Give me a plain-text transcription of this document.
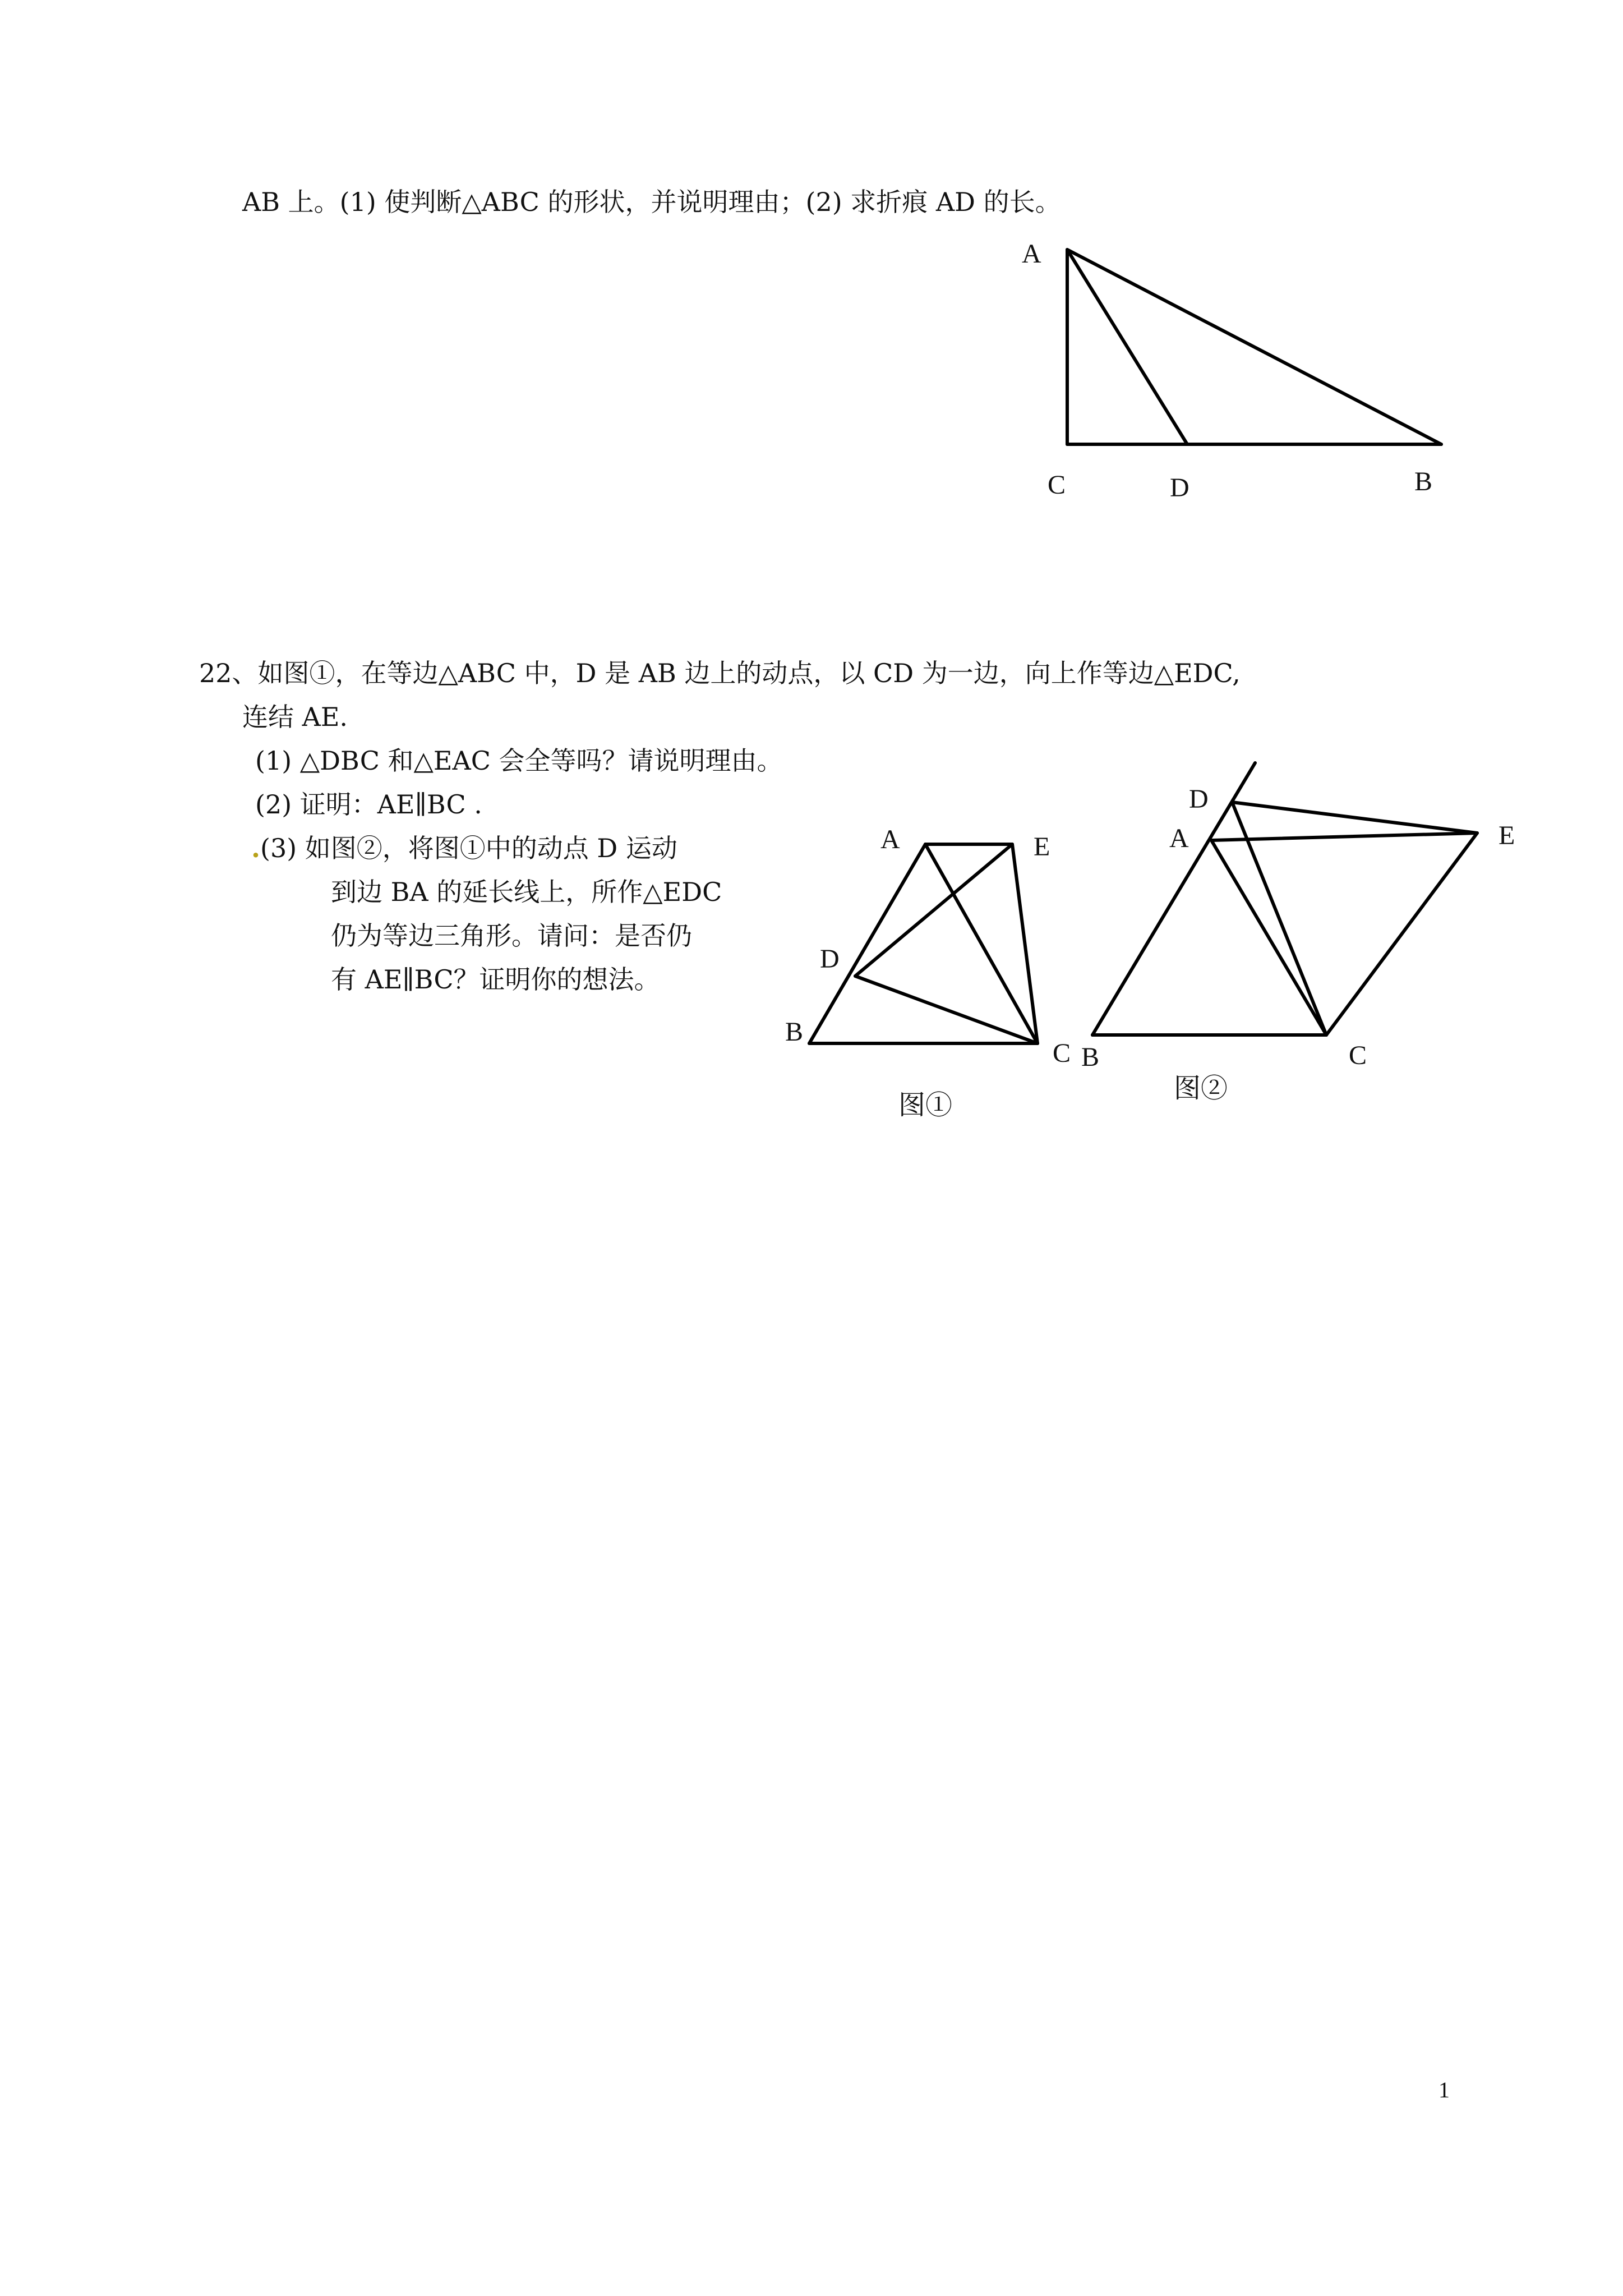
AB 上。(1) 使判断△ABC 的形状，并说明理由；(2) 求折痕 AD 的长。
A
C	D	B
22、如图①，在等边△ABC 中，D 是 AB 边上的动点，以 CD 为一边，向上作等边△EDC,
连结 AE.
(1) △DBC 和△EAC 会全等吗？请说明理由。
(2) 证明：AE∥BC .
.(3) 如图②，将图①中的动点 D 运动
到边 BA 的延长线上，所作△EDC
仍为等边三角形。请问：是否仍
有 AE∥BC？证明你的想法。
A	E
D
B
C
图①
D
A	E
B	C
图②
1
